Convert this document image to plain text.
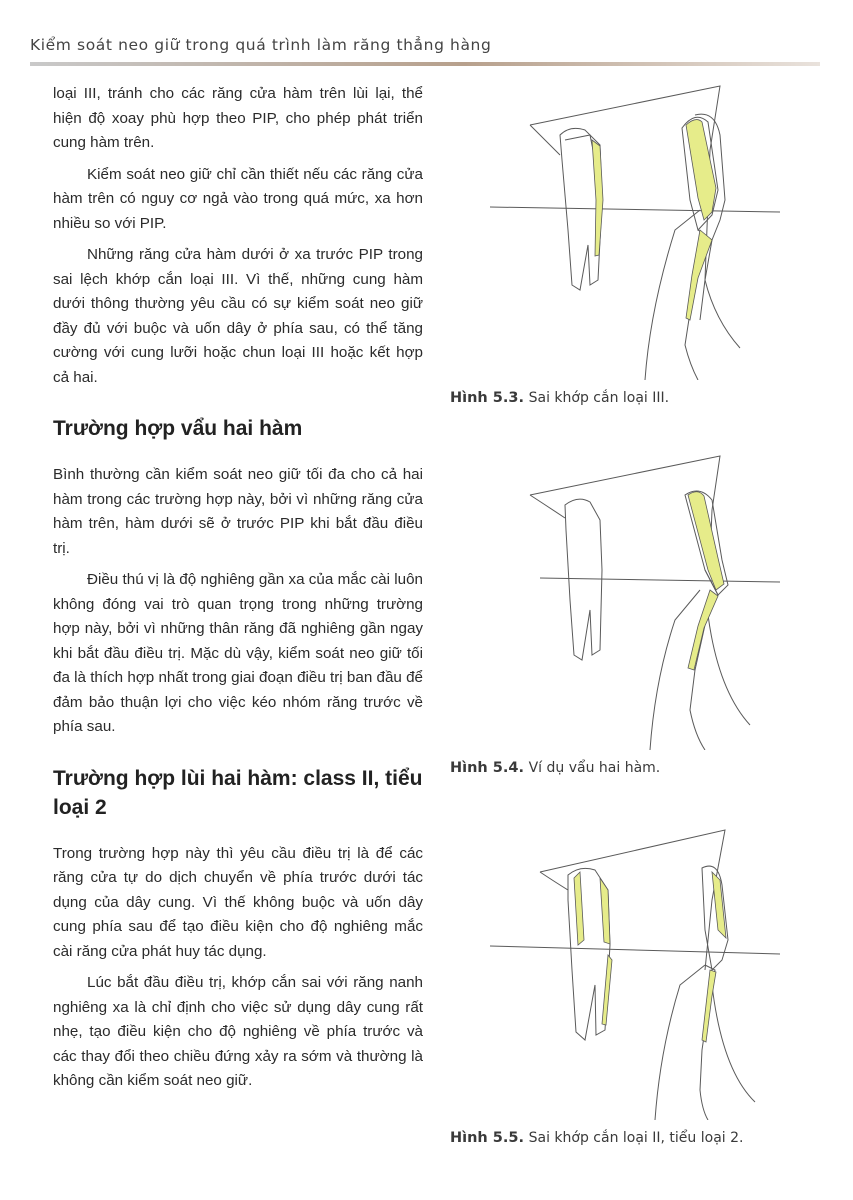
Kiểm soát neo giữ trong quá trình làm răng thẳng hàng

loại III, tránh cho các răng cửa hàm trên lùi lại, thể hiện độ xoay phù hợp theo PIP, cho phép phát triển cung hàm trên.

Kiểm soát neo giữ chỉ cần thiết nếu các răng cửa hàm trên có nguy cơ ngả vào trong quá mức, xa hơn nhiều so với PIP.

Những răng cửa hàm dưới ở xa trước PIP trong sai lệch khớp cắn loại III. Vì thế, những cung hàm dưới thông thường yêu cầu có sự kiểm soát neo giữ đầy đủ với buộc và uốn dây ở phía sau, có thể tăng cường với cung lưỡi hoặc chun loại III hoặc kết hợp cả hai.

Trường hợp vẩu hai hàm

Bình thường cần kiểm soát neo giữ tối đa cho cả hai hàm trong các trường hợp này, bởi vì những răng cửa hàm trên, hàm dưới sẽ ở trước PIP khi bắt đầu điều trị.

Điều thú vị là độ nghiêng gần xa của mắc cài luôn không đóng vai trò quan trọng trong những trường hợp này, bởi vì những thân răng đã nghiêng gần ngay khi bắt đầu điều trị. Mặc dù vậy, kiểm soát neo giữ tối đa là thích hợp nhất trong giai đoạn điều trị ban đầu để đảm bảo thuận lợi cho việc kéo nhóm răng trước về phía sau.

Trường hợp lùi hai hàm: class II, tiểu loại 2

Trong trường hợp này thì yêu cầu điều trị là để các răng cửa tự do dịch chuyển về phía trước dưới tác dụng của dây cung. Vì thế không buộc và uốn dây cung phía sau để tạo điều kiện cho độ nghiêng mắc cài răng cửa phát huy tác dụng.

Lúc bắt đầu điều trị, khớp cắn sai với răng nanh nghiêng xa là chỉ định cho việc sử dụng dây cung rất nhẹ, tạo điều kiện cho độ nghiêng về phía trước và các thay đổi theo chiều đứng xảy ra sớm và thường là không cần kiểm soát neo giữ.

Hình 5.3. Sai khớp cắn loại III.
Hình 5.4. Ví dụ vẩu hai hàm.
Hình 5.5. Sai khớp cắn loại II, tiểu loại 2.
